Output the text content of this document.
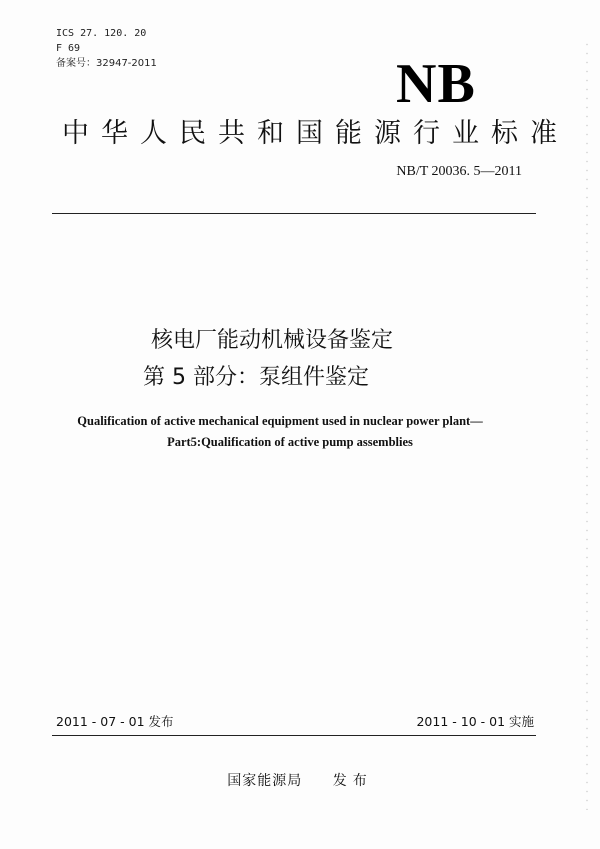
ICS 27. 120. 20
F 69
备案号：32947-2011	NB
中华人民共和国能源行业标准
NB/T 20036. 5—2011
核电厂能动机械设备鉴定
第 5 部分：泵组件鉴定
Qualification of active mechanical equipment used in nuclear power plant—
Part5:Qualification of active pump assemblies
2011 - 07 - 01 发布	2011 - 10 - 01 实施
国家能源局 发布
